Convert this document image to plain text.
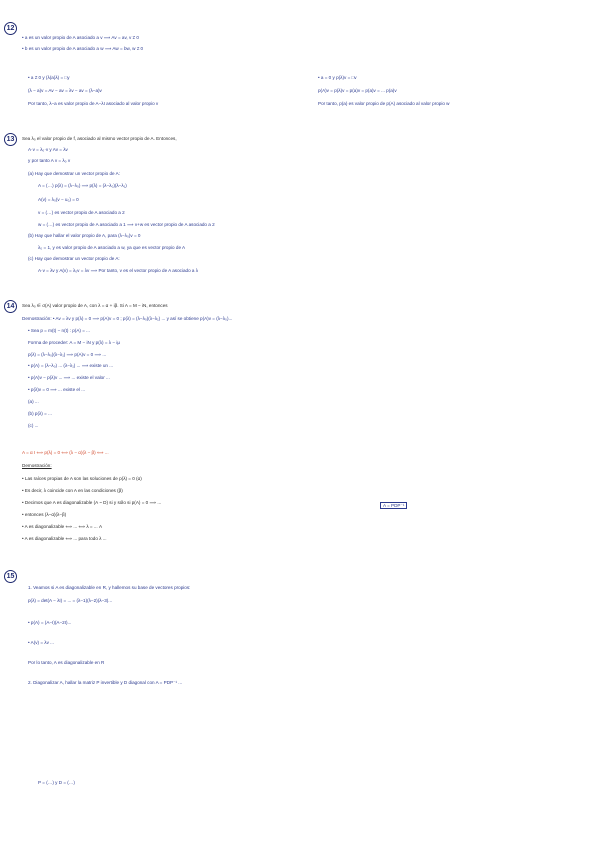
12
• a es un valor propio de A asociado a v ⟹ Av = av, v ≠ 0
• b es un valor propio de A asociado a w ⟹ Aw = bw, w ≠ 0
• a ≠ 0 y (λ(a)λ) = □y
(λ − a)v = Av − av = λv − av = (λ−a)v
Por tanto, λ−a es valor propio de A−λI asociado al valor propio v
• a = 0 y p(λ)v = □v
p(A)v = p(λ)v = p(a)v = p(a)v = ... p(a)v
Por tanto, p(a) es valor propio de p(A) asociado al valor propio w
13	Sea λ₀ el valor propio de f, asociado al mismo vector propio de A. Entonces,
A·v = λ₀·v y Av = λv
y por tanto A v = λ₀ v
(a) Hay que demostrar un vector propio de A:
A = (…) p(λ) = (λ−λ₀) ⟹ p(λ) = (λ−λ₀)(λ−λ₁)
A(v) = λ₀(v − u₀) = 0
v = (…) es vector propio de A asociado a 2
w = (…) es vector propio de A asociado a 1 ⟹ v+w es vector propio de A asociado a 2
(b) Hay que hallar el valor propio de A, para (λ−λ₀)v = 0
λ₀ = 1, y es valor propio de A asociado a w, ya que es vector propio de A
(c) Hay que demostrar un vector propio de A:
A·v = λv y A(v) = λ₀v = λv ⟹ Por tanto, v es el vector propio de A asociado a λ
14	Sea λ₀ ∈ σ(A) valor propio de A, con λ = α + iβ. Si A = M − iN, entonces
Demostración: • Av = λv y p(λ) = 0 ⟹ p(A)v = 0 ; p(λ) = (λ−λ₀)(λ−λ₁) ... y así se obtiene p(A)v = (λ−λ₀)...
• Sea p = m(t) − n(t) : p(A) = ...
Forma de proceder: A = M − iN y p(λ) = λ − iμ
p(λ) = (λ−λ₀)(λ−λ₁) ⟹ p(A)v = 0 ⟹ ...
• p(A) = (λ−λ₀) ... (λ−λ₁) ... ⟹ existe un ...
• p(A)v − p(λ)v ... ⟹ ... existe el valor ...
• p(λ)v = 0 ⟹ ... existe el ...
(a) ...
(b) p(λ) = ...
(c) ...
A = α I ⟺ p(λ) = 0 ⟺ (λ − α)(λ − β) ⟺ ...
Demostración:
• Las raíces propias de A son las soluciones de p(λ) = 0 (α)
• Es decir, λ coincide con A en las condiciones (β)
• Decimos que A es diagonalizable (A ~ D) si y sólo si p(A) = 0 ⟹ ...
• entonces (λ−α)(λ−β)
• A es diagonalizable ⟺ ... ⟺ λ = ... A
• A es diagonalizable ⟺ ... para todo λ ...
15
1. Veamos si A es diagonalizable en R, y hallemos su base de vectores propios:
p(λ) = det(A − λI) = ... = (λ−1)(λ−2)(λ−3)...
• p(A) = (A−I)(A−2I)...
• A(v) = λv ...
Por lo tanto, A es diagonalizable en R
2. Diagonalizar A, hallar la matriz P invertible y D diagonal con A = PDP⁻¹ ...
P = (…) y D = (…)
A = PDP⁻¹
